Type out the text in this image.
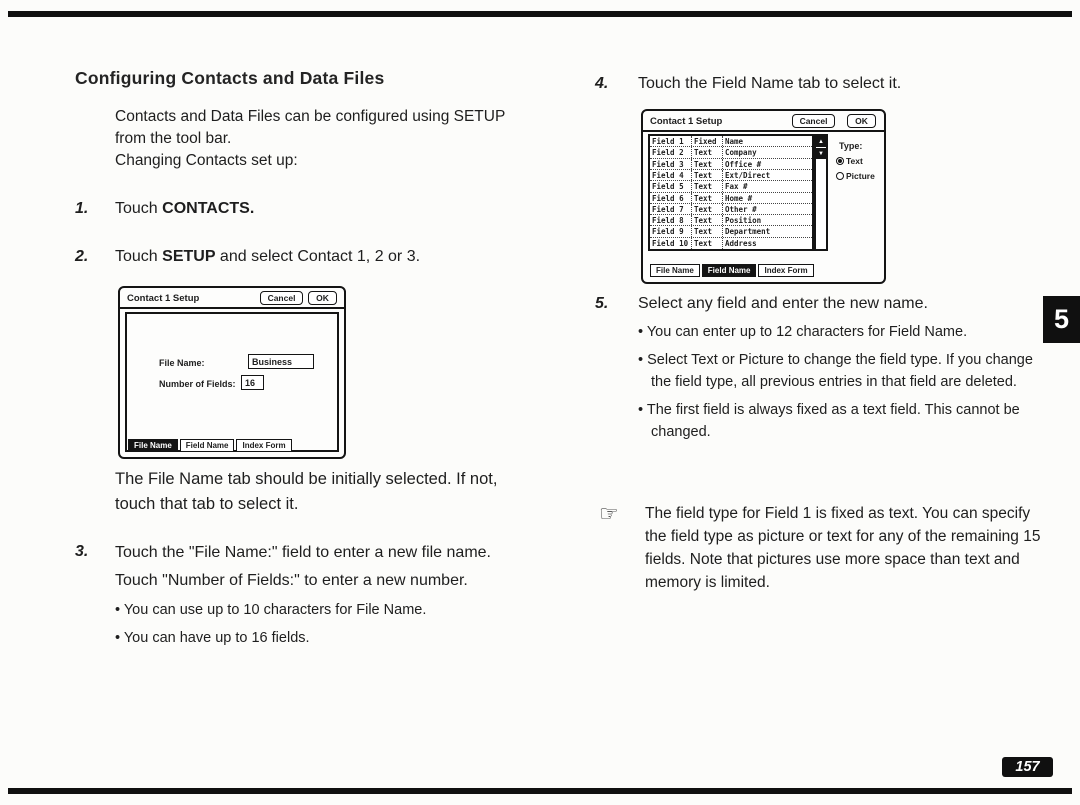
5
157
Configuring Contacts and Data Files
Contacts and Data Files can be configured using SETUP from the tool bar.
Changing Contacts set up:
1.	Touch CONTACTS.
2.	Touch SETUP and select Contact 1, 2 or 3.
Contact 1 Setup	Cancel	OK
File Name:	Business
Number of Fields:	16
File Name	Field Name	Index Form
The File Name tab should be initially selected. If not, touch that tab to select it.
3.	Touch the "File Name:" field to enter a new file name.
Touch "Number of Fields:" to enter a new number.
• You can use up to 10 characters for File Name.
• You can have up to 16 fields.
4.	Touch the Field Name tab to select it.
Contact 1 Setup	Cancel	OK
Field 1	Fixed	Name
Field 2	Text	Company
Field 3	Text	Office #
Field 4	Text	Ext/Direct
Field 5	Text	Fax #
Field 6	Text	Home #
Field 7	Text	Other #
Field 8	Text	Position
Field 9	Text	Department
Field 10 Text	Address
▲
▼
Type:
Text
Picture
File Name	Field Name	Index Form
5.	Select any field and enter the new name.
• You can enter up to 12 characters for Field Name.
• Select Text or Picture to change the field type. If you change the field type, all previous entries in that field are deleted.
• The first field is always fixed as a text field. This cannot be changed.
☞	The field type for Field 1 is fixed as text. You can specify the field type as picture or text for any of the remaining 15 fields. Note that pictures use more space than text and memory is limited.
